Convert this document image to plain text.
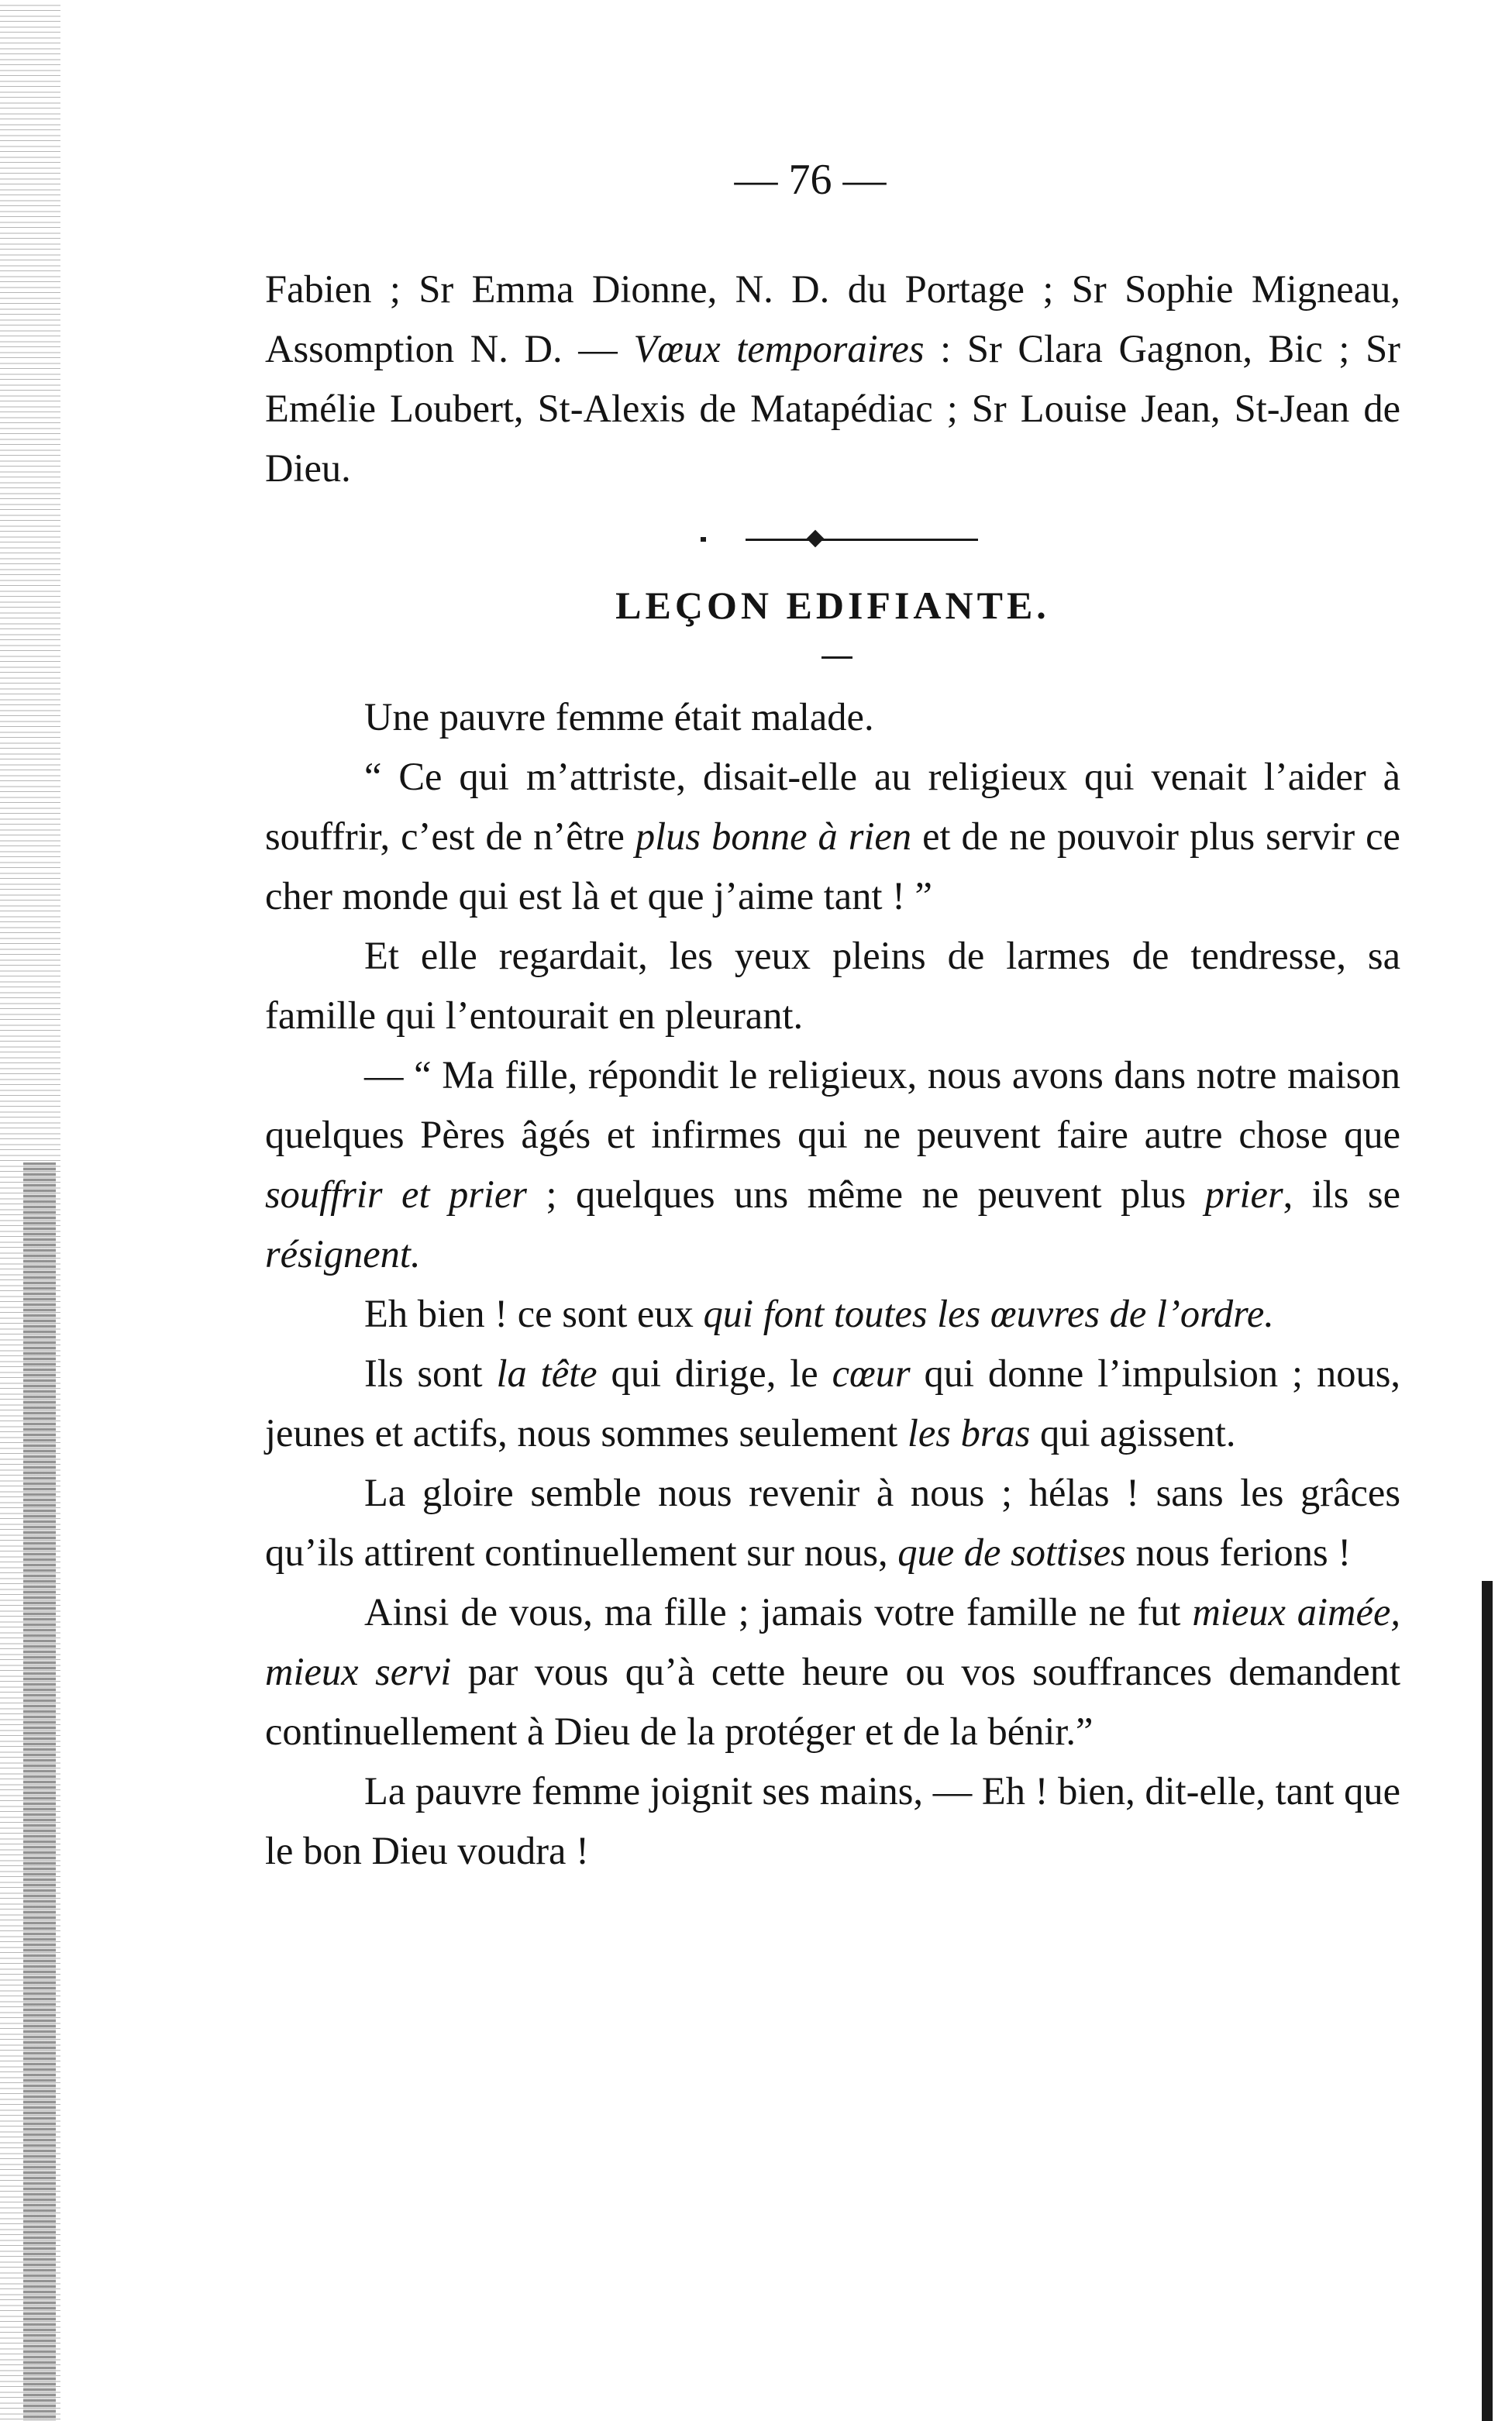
— 76 —

Fabien ; Sr Emma Dionne, N. D. du Portage ; Sr Sophie Migneau, Assomption N. D. — Vœux temporaires : Sr Clara Gagnon, Bic ; Sr Emélie Loubert, St-Alexis de Matapédiac ; Sr Louise Jean, St-Jean de Dieu.

LEÇON EDIFIANTE.

Une pauvre femme était malade.

“ Ce qui m’attriste, disait-elle au religieux qui venait l’aider à souffrir, c’est de n’être plus bonne à rien et de ne pouvoir plus servir ce cher monde qui est là et que j’aime tant ! ”

Et elle regardait, les yeux pleins de larmes de tendresse, sa famille qui l’entourait en pleurant.

— “ Ma fille, répondit le religieux, nous avons dans notre maison quelques Pères âgés et infirmes qui ne peuvent faire autre chose que souffrir et prier ; quelques uns même ne peuvent plus prier, ils se résignent.

Eh bien ! ce sont eux qui font toutes les œuvres de l’ordre.

Ils sont la tête qui dirige, le cœur qui donne l’impulsion ; nous, jeunes et actifs, nous sommes seulement les bras qui agissent.

La gloire semble nous revenir à nous ; hélas ! sans les grâces qu’ils attirent continuellement sur nous, que de sottises nous ferions !

Ainsi de vous, ma fille ; jamais votre famille ne fut mieux aimée, mieux servi par vous qu’à cette heure ou vos souffrances demandent continuellement à Dieu de la protéger et de la bénir.”

La pauvre femme joignit ses mains, — Eh ! bien, dit-elle, tant que le bon Dieu voudra !
